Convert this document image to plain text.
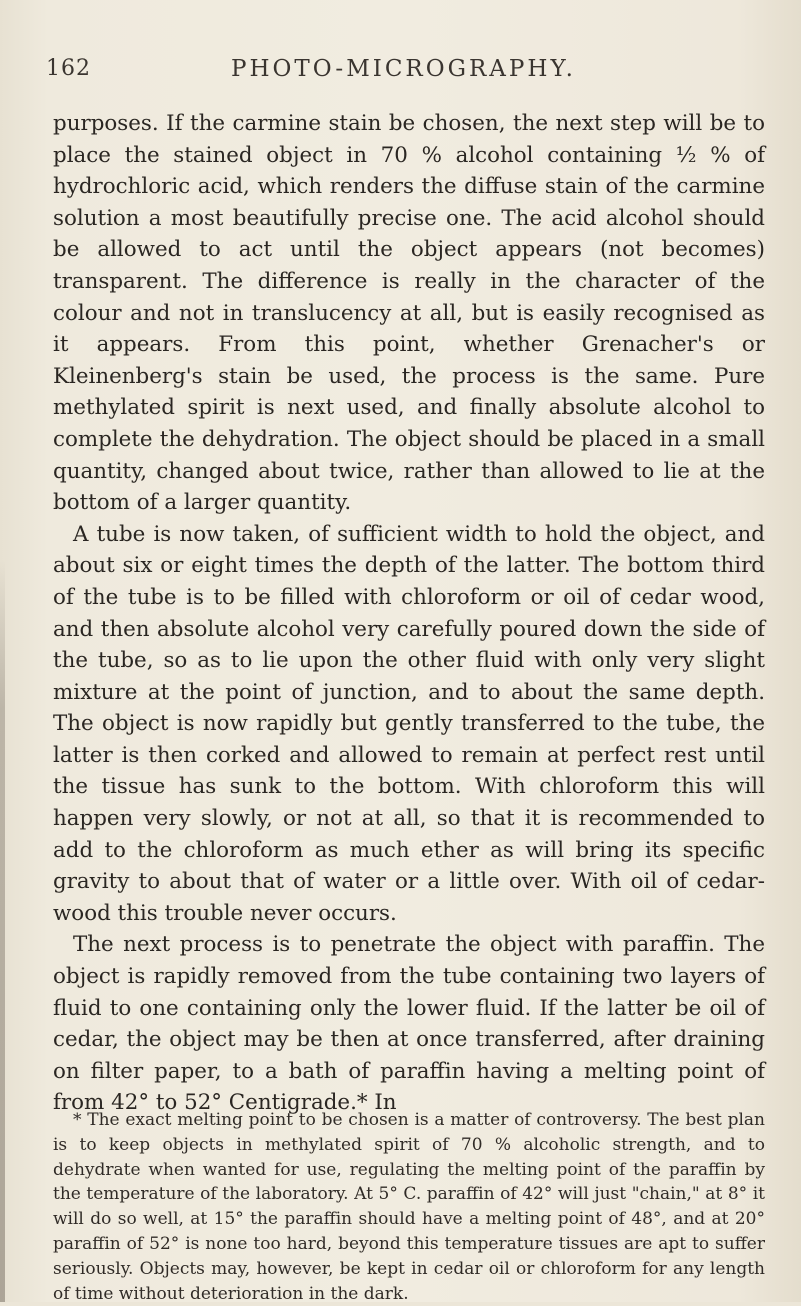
162	PHOTO-MICROGRAPHY.

purposes. If the carmine stain be chosen, the next step will be to place the stained object in 70 % alcohol containing ½ % of hydrochloric acid, which renders the diffuse stain of the carmine solution a most beautifully precise one. The acid alcohol should be allowed to act until the object appears (not becomes) transparent. The difference is really in the character of the colour and not in translucency at all, but is easily recognised as it appears. From this point, whether Grenacher's or Kleinenberg's stain be used, the process is the same. Pure methylated spirit is next used, and finally absolute alcohol to complete the dehydration. The object should be placed in a small quantity, changed about twice, rather than allowed to lie at the bottom of a larger quantity.

A tube is now taken, of sufficient width to hold the object, and about six or eight times the depth of the latter. The bottom third of the tube is to be filled with chloroform or oil of cedar wood, and then absolute alcohol very carefully poured down the side of the tube, so as to lie upon the other fluid with only very slight mixture at the point of junction, and to about the same depth. The object is now rapidly but gently transferred to the tube, the latter is then corked and allowed to remain at perfect rest until the tissue has sunk to the bottom. With chloroform this will happen very slowly, or not at all, so that it is recommended to add to the chloroform as much ether as will bring its specific gravity to about that of water or a little over. With oil of cedar-wood this trouble never occurs.

The next process is to penetrate the object with paraffin. The object is rapidly removed from the tube containing two layers of fluid to one containing only the lower fluid. If the latter be oil of cedar, the object may be then at once transferred, after draining on filter paper, to a bath of paraffin having a melting point of from 42° to 52° Centigrade.* In

* The exact melting point to be chosen is a matter of controversy. The best plan is to keep objects in methylated spirit of 70 % alcoholic strength, and to dehydrate when wanted for use, regulating the melting point of the paraffin by the temperature of the laboratory. At 5° C. paraffin of 42° will just "chain," at 8° it will do so well, at 15° the paraffin should have a melting point of 48°, and at 20° paraffin of 52° is none too hard, beyond this temperature tissues are apt to suffer seriously. Objects may, however, be kept in cedar oil or chloroform for any length of time without deterioration in the dark.
